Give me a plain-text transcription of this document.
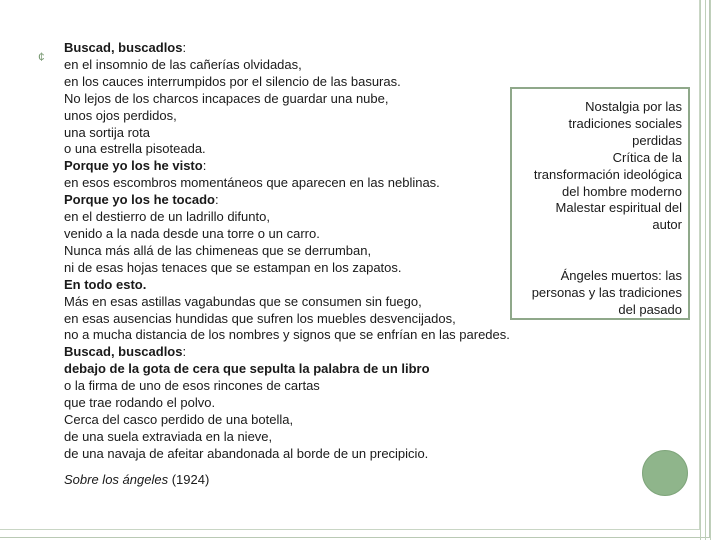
¢
Buscad, buscadlos:
en el insomnio de las cañerías olvidadas,
en los cauces interrumpidos por el silencio de las basuras.
No lejos de los charcos incapaces de guardar una nube,
unos ojos perdidos,
una sortija rota
o una estrella pisoteada.
Porque yo los he visto:
en esos escombros momentáneos que aparecen en las neblinas.
Porque yo los he tocado:
en el destierro de un ladrillo difunto,
venido a la nada desde una torre o un carro.
Nunca más allá de las chimeneas que se derrumban,
ni de esas hojas tenaces que se estampan en los zapatos.
En todo esto.
Más en esas astillas vagabundas que se consumen sin fuego,
en esas ausencias hundidas que sufren los muebles desvencijados,
no a mucha distancia de los nombres y signos que se enfrían en las paredes.
Buscad, buscadlos:
debajo de la gota de cera que sepulta la palabra de un libro
o la firma de uno de esos rincones de cartas
que trae rodando el polvo.
Cerca del casco perdido de una botella,
de una suela extraviada en la nieve,
de una navaja de afeitar abandonada al borde de un precipicio.
Sobre los ángeles (1924)
Nostalgia por las
tradiciones sociales
perdidas
Crítica de la
transformación ideológica
del hombre moderno
Malestar espiritual del
autor
Ángeles muertos: las
personas y las tradiciones
del pasado
